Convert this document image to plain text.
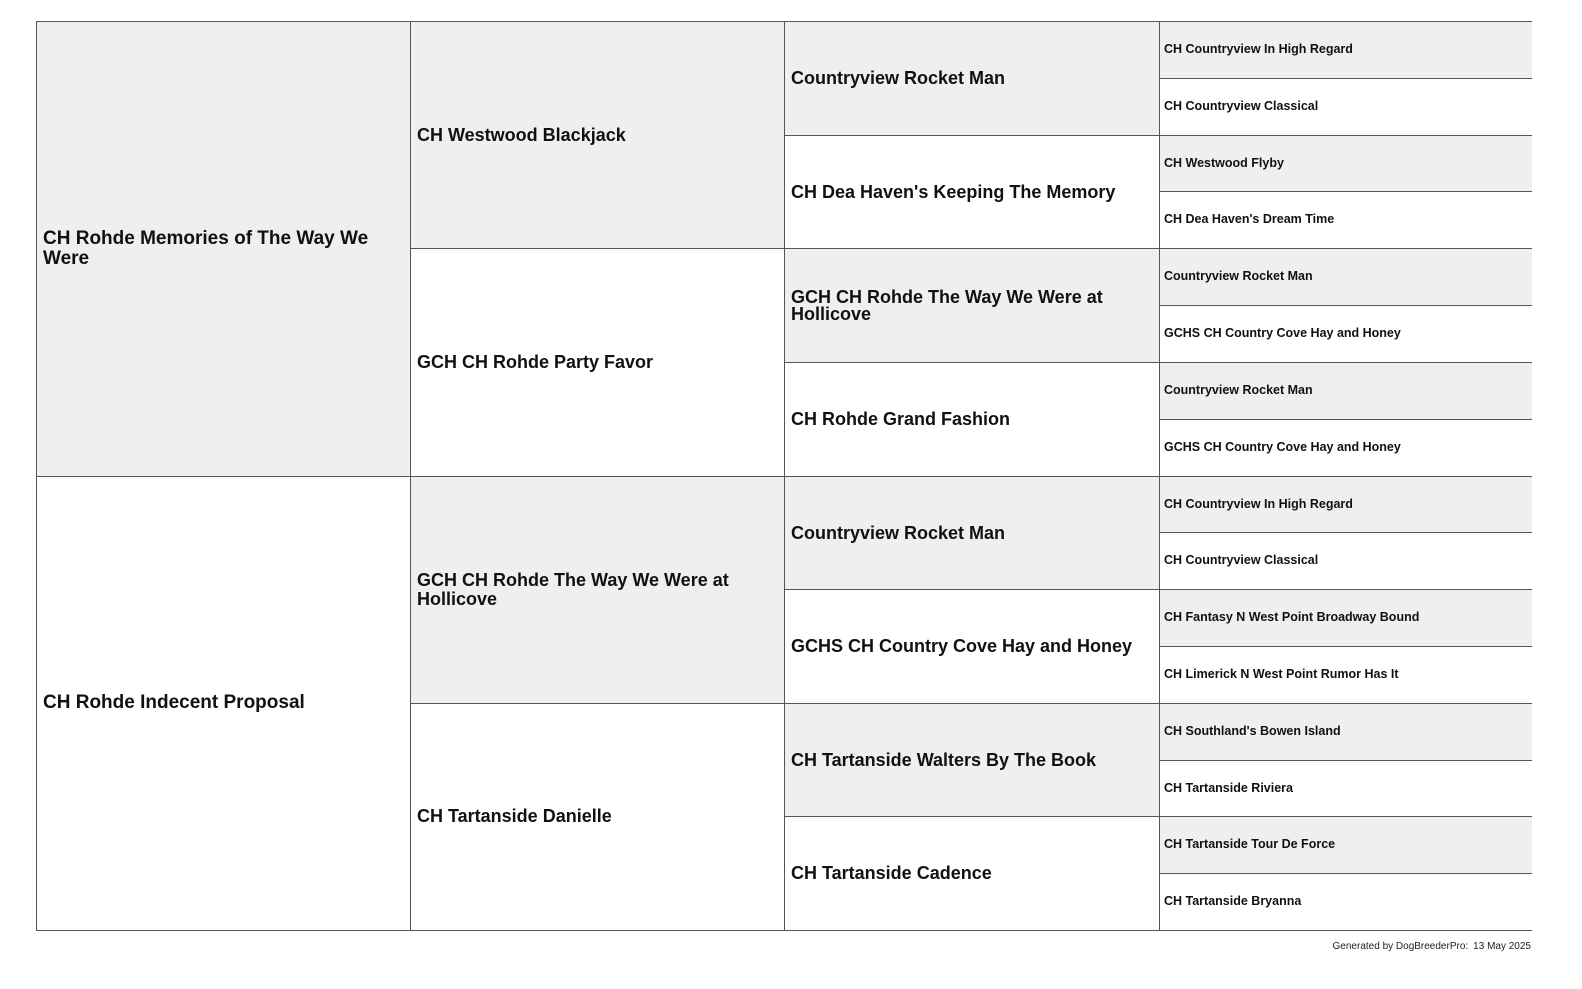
CH Rohde Memories of The Way We Were
CH Rohde Indecent Proposal
CH Westwood Blackjack
GCH CH Rohde Party Favor
GCH CH Rohde The Way We Were at Hollicove
CH Tartanside Danielle
Countryview Rocket Man
CH Dea Haven's Keeping The Memory
GCH CH Rohde The Way We Were at Hollicove
CH Rohde Grand Fashion
Countryview Rocket Man
GCHS CH Country Cove Hay and Honey
CH Tartanside Walters By The Book
CH Tartanside Cadence
CH Countryview In High Regard
CH Countryview Classical
CH Westwood Flyby
CH Dea Haven's Dream Time
Countryview Rocket Man
GCHS CH Country Cove Hay and Honey
Countryview Rocket Man
GCHS CH Country Cove Hay and Honey
CH Countryview In High Regard
CH Countryview Classical
CH Fantasy N West Point Broadway Bound
CH Limerick N West Point Rumor Has It
CH Southland's Bowen Island
CH Tartanside Riviera
CH Tartanside Tour De Force
CH Tartanside Bryanna
Generated by DogBreederPro: 13 May 2025
